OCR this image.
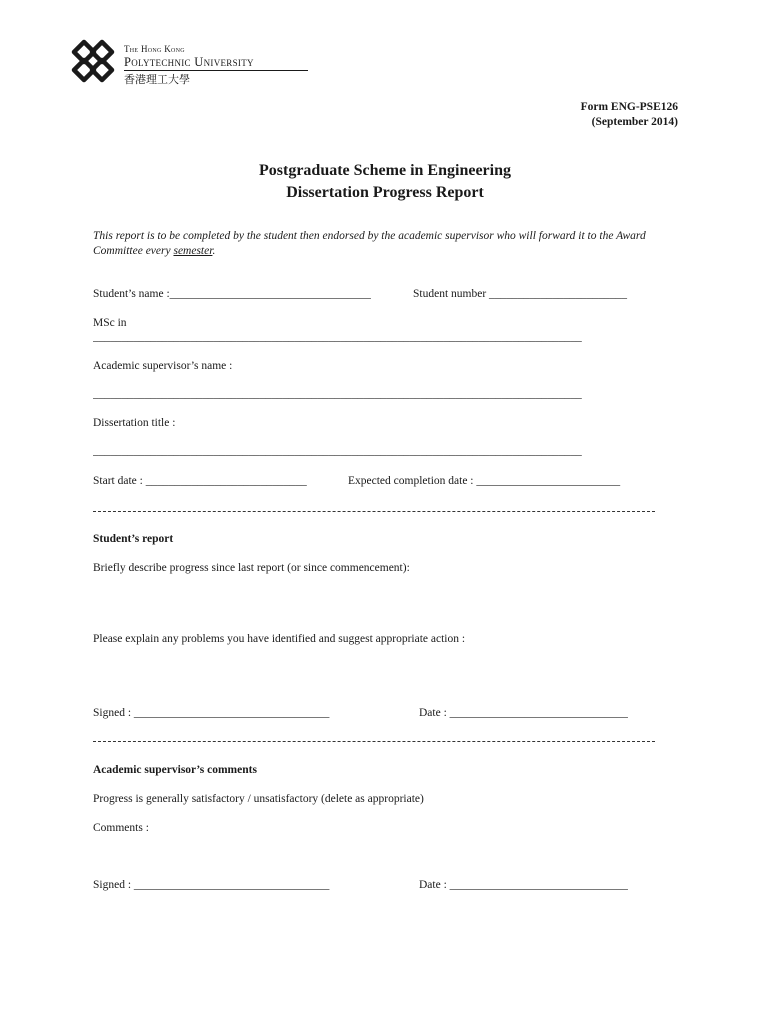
The Hong Kong
Polytechnic University
香港理工大學
Form ENG-PSE126
(September 2014)
Postgraduate Scheme in Engineering
Dissertation Progress Report
This report is to be completed by the student then endorsed by the academic supervisor who will forward it to the Award Committee every semester.
Student’s name :___________________________________	Student number ________________________
MSc in
_____________________________________________________________________________________
Academic supervisor’s name :
_____________________________________________________________________________________
Dissertation title :
_____________________________________________________________________________________
Start date : ____________________________	Expected completion date : _________________________
Student’s report
Briefly describe progress since last report (or since commencement):
Please explain any problems you have identified and suggest appropriate action :
Signed : __________________________________	Date : _______________________________
Academic supervisor’s comments
Progress is generally satisfactory / unsatisfactory (delete as appropriate)
Comments :
Signed : __________________________________	Date : _______________________________
